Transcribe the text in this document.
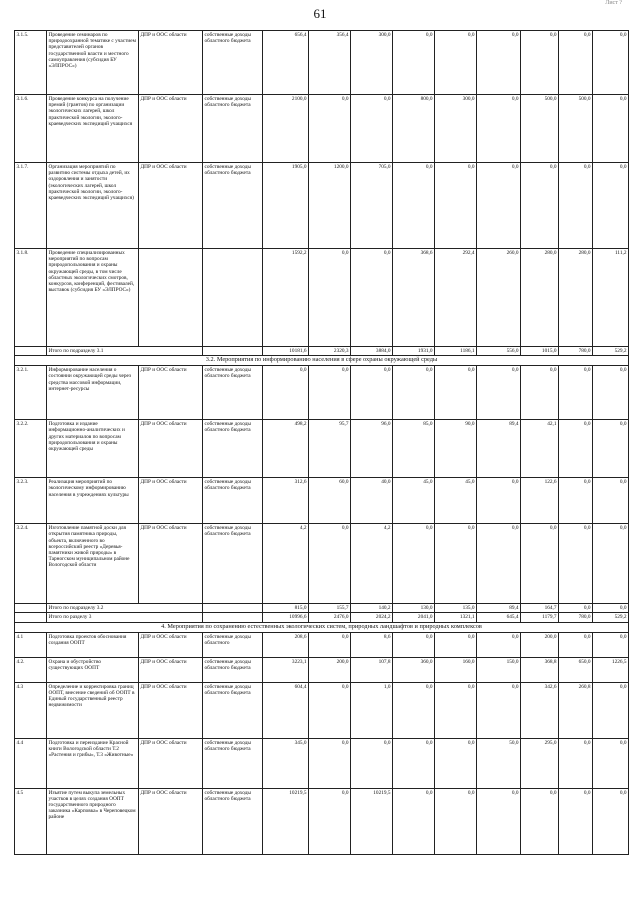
61
Лист ?
3.1.5.	Проведение семинаров по природоохранной тематике с участием представителей органов государственной власти и местного самоуправления (субсидия БУ «ЭЛПРОС»)	ДПР и ООС области	собственные доходы областного бюджета	656,4	356,4	300,0	0,0	0,0	0,0	0,0	0,0	0,0
3.1.6.	Проведение конкурса на получение премий (грантов) по организации экологических лагерей, школ практической экологии, эколого-краеведческих экспедиций учащихся	ДПР и ООС области	собственные доходы областного бюджета	2100,0	0,0	0,0	800,0	300,0	0,0	500,0	500,0	0,0
3.1.7.	Организация мероприятий по развитию системы отдыха детей, их оздоровления и занятости (экологических лагерей, школ практической экологии, эколого-краеведческих экспедиций учащихся)	ДПР и ООС области	собственные доходы областного бюджета	1905,0	1200,0	705,0	0,0	0,0	0,0	0,0	0,0	0,0
3.1.8.	Проведение специализированных мероприятий по вопросам природопользования и охраны окружающей среды, в том числе областных экологических смотров, конкурсов, конференций, фестивалей, выставок (субсидия БУ «ЭЛПРОС»)			1592,2	0,0	0,0	368,6	292,4	260,0	280,0	280,0	111,2
	Итого по подразделу 3.1			10181,6	2320,3	3884,0	1931,0	1186,1	556,0	1015,0	780,0	529,2
3.2. Мероприятия по информированию населения в сфере охраны окружающей среды												
3.2.1.	Информирование населения о состоянии окружающей среды через средства массовой информации, интернет-ресурсы	ДПР и ООС области	собственные доходы областного бюджета	0,0	0,0	0,0	0,0	0,0	0,0	0,0	0,0	0,0
3.2.2.	Подготовка и издание информационно-аналитических и других материалов по вопросам природопользования и охраны окружающей среды	ДПР и ООС области	собственные доходы областного бюджета	498,2	95,7	96,0	85,0	90,0	89,4	42,1	0,0	0,0
3.2.3.	Реализация мероприятий по экологическому информированию населения в учреждениях культуры	ДПР и ООС области	собственные доходы областного бюджета	312,6	60,0	40,0	45,0	45,0	0,0	122,6	0,0	0,0
3.2.4.	Изготовление памятной доски для открытия памятника природы, объекта, включенного во всероссийский реестр «Деревья-памятники живой природы» в Тарногском муниципальном районе Вологодской области	ДПР и ООС области	собственные доходы областного бюджета	4,2	0,0	4,2	0,0	0,0	0,0	0,0	0,0	0,0
	Итого по подразделу 3.2			815,0	155,7	140,2	130,0	135,0	89,4	164,7	0,0	0,0
	Итого по разделу 3			10996,6	2476,0	2024,2	2041,0	1321,1	645,4	1179,7	780,0	529,2
4. Мероприятия по сохранению естественных экологических систем, природных ландшафтов и природных комплексов												
4.1	Подготовка проектов обоснования создания ООПТ	ДПР и ООС области	собственные доходы областного	208,6	0,0	8,6	0,0	0,0	0,0	200,0	0,0	0,0
4.2.	Охрана и обустройство существующих ООПТ	ДПР и ООС области	собственные доходы областного бюджета	3223,1	200,0	107,8	360,0	160,0	150,0	368,8	650,0	1226,5
4.3	Определение и корректировка границ ООПТ, внесение сведений об ООПТ в Единый государственный реестр недвижимости	ДПР и ООС области	собственные доходы областного бюджета	604,4	0,0	1,0	0,0	0,0	0,0	342,6	260,8	0,0
4.4	Подготовка и переиздание Красной книги Вологодской области Т.2 «Растения и грибы», Т.3 «Животные»	ДПР и ООС области	собственные доходы областного бюджета	345,0	0,0	0,0	0,0	0,0	50,0	295,0	0,0	0,0
4.5	Изъятие путем выкупа земельных участков в целях создания ООПТ государственного природного заказника «Карповка» в Череповецком районе	ДПР и ООС области	собственные доходы областного бюджета	10219,5	0,0	10219,5	0,0	0,0	0,0	0,0	0,0	0,0
